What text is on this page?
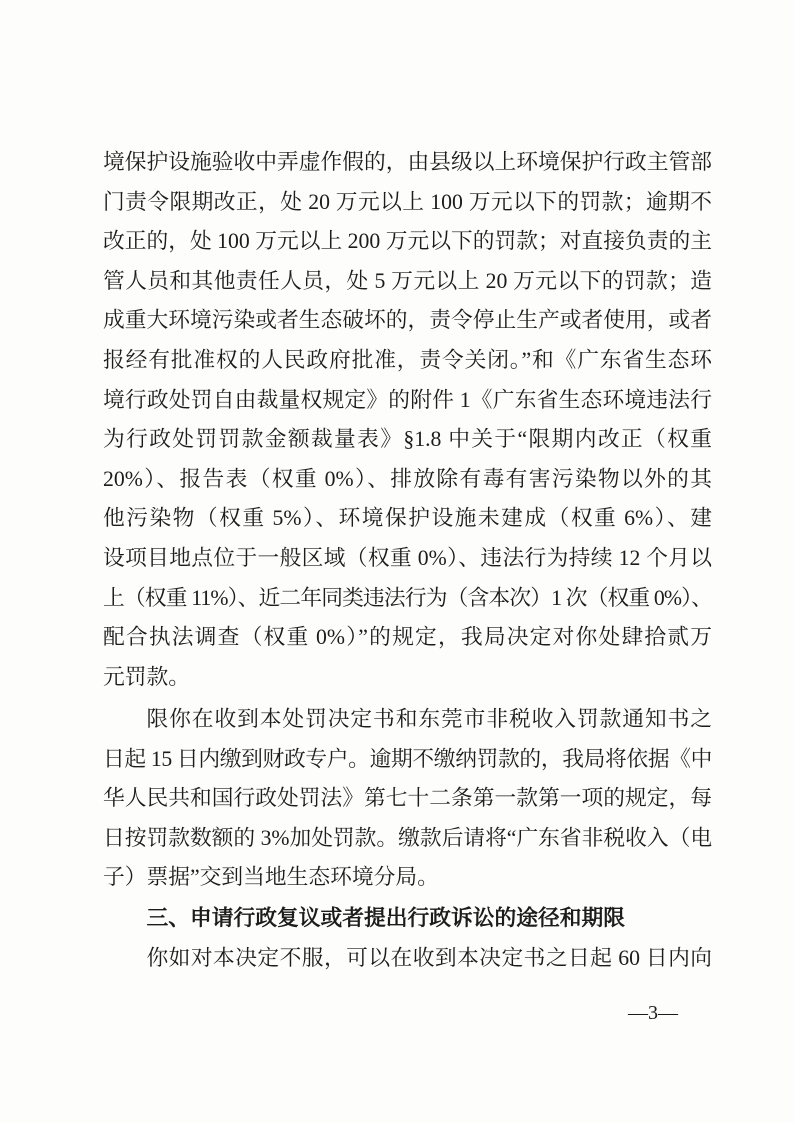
境保护设施验收中弄虚作假的，由县级以上环境保护行政主管部
门责令限期改正，处 20 万元以上 100 万元以下的罚款；逾期不
改正的，处 100 万元以上 200 万元以下的罚款；对直接负责的主
管人员和其他责任人员，处 5 万元以上 20 万元以下的罚款；造
成重大环境污染或者生态破坏的，责令停止生产或者使用，或者
报经有批准权的人民政府批准，责令关闭。”和《广东省生态环
境行政处罚自由裁量权规定》的附件 1《广东省生态环境违法行
为行政处罚罚款金额裁量表》§1.8 中关于“限期内改正（权重
20%）、报告表（权重 0%）、排放除有毒有害污染物以外的其
他污染物（权重 5%）、环境保护设施未建成（权重 6%）、建
设项目地点位于一般区域（权重 0%）、违法行为持续 12 个月以
上（权重 11%）、近二年同类违法行为（含本次）1 次（权重 0%）、
配合执法调查（权重 0%）”的规定，我局决定对你处肆拾贰万
元罚款。
限你在收到本处罚决定书和东莞市非税收入罚款通知书之
日起 15 日内缴到财政专户。逾期不缴纳罚款的，我局将依据《中
华人民共和国行政处罚法》第七十二条第一款第一项的规定，每
日按罚款数额的 3%加处罚款。缴款后请将“广东省非税收入（电
子）票据”交到当地生态环境分局。
三、申请行政复议或者提出行政诉讼的途径和期限
你如对本决定不服，可以在收到本决定书之日起 60 日内向
—3—
